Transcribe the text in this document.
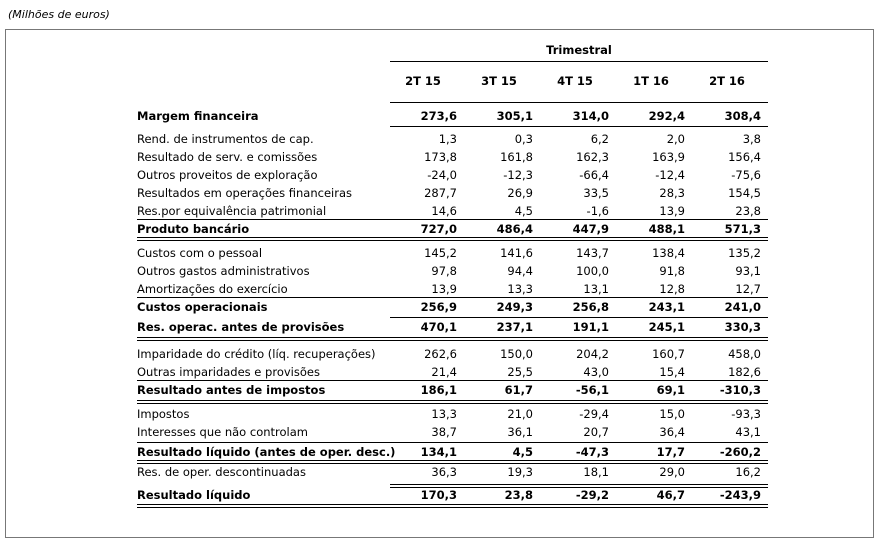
(Milhões de euros)
Trimestral
2T 15	3T 15	4T 15	1T 16	2T 16
Margem financeira	273,6	305,1	314,0	292,4	308,4
Rend. de instrumentos de cap.	1,3	0,3	6,2	2,0	3,8
Resultado de serv. e comissões	173,8	161,8	162,3	163,9	156,4
Outros proveitos de exploração	-24,0	-12,3	-66,4	-12,4	-75,6
Resultados em operações financeiras	287,7	26,9	33,5	28,3	154,5
Res.por equivalência patrimonial	14,6	4,5	-1,6	13,9	23,8
Produto bancário	727,0	486,4	447,9	488,1	571,3
Custos com o pessoal	145,2	141,6	143,7	138,4	135,2
Outros gastos administrativos	97,8	94,4	100,0	91,8	93,1
Amortizações do exercício	13,9	13,3	13,1	12,8	12,7
Custos operacionais	256,9	249,3	256,8	243,1	241,0
Res. operac. antes de provisões	470,1	237,1	191,1	245,1	330,3
Imparidade do crédito (líq. recuperações)	262,6	150,0	204,2	160,7	458,0
Outras imparidades e provisões	21,4	25,5	43,0	15,4	182,6
Resultado antes de impostos	186,1	61,7	-56,1	69,1	-310,3
Impostos	13,3	21,0	-29,4	15,0	-93,3
Interesses que não controlam	38,7	36,1	20,7	36,4	43,1
Resultado líquido (antes de oper. desc.)	134,1	4,5	-47,3	17,7	-260,2
Res. de oper. descontinuadas	36,3	19,3	18,1	29,0	16,2
Resultado líquido	170,3	23,8	-29,2	46,7	-243,9
